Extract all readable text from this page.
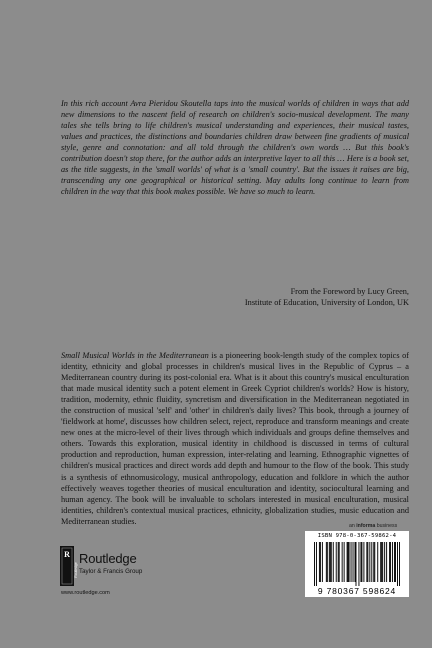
In this rich account Avra Pieridou Skoutella taps into the musical worlds of children in ways that add new dimensions to the nascent field of research on children's socio-musical development. The many tales she tells bring to life children's musical understanding and experiences, their musical tastes, values and practices, the distinctions and boundaries children draw between fine gradients of musical style, genre and connotation: and all told through the children's own words … But this book's contribution doesn't stop there, for the author adds an interpretive layer to all this … Here is a book set, as the title suggests, in the 'small worlds' of what is a 'small country'. But the issues it raises are big, transcending any one geographical or historical setting. May adults long continue to learn from children in the way that this book makes possible. We have so much to learn.
From the Foreword by Lucy Green,
Institute of Education, University of London, UK
Small Musical Worlds in the Mediterranean is a pioneering book-length study of the complex topics of identity, ethnicity and global processes in children's musical lives in the Republic of Cyprus – a Mediterranean country during its post-colonial era. What is it about this country's musical enculturation that made musical identity such a potent element in Greek Cypriot children's worlds? How is history, tradition, modernity, ethnic fluidity, syncretism and diversification in the Mediterranean negotiated in the construction of musical 'self' and 'other' in children's daily lives? This book, through a journey of 'fieldwork at home', discusses how children select, reject, reproduce and transform meanings and create new ones at the micro-level of their lives through which individuals and groups define themselves and others. Towards this exploration, musical identity in childhood is discussed in terms of cultural production and reproduction, human expression, inter-relating and learning. Ethnographic vignettes of children's musical practices and direct words add depth and humour to the flow of the book. This study is a synthesis of ethnomusicology, musical anthropology, education and folklore in which the author effectively weaves together theories of musical enculturation and identity, sociocultural learning and human agency. The book will be invaluable to scholars interested in musical enculturation, musical identities, children's contextual musical practices, ethnicity, globalization studies, music education and Mediterranean studies.
an informa business
ISBN 978-0-367-59862-4
9 780367 598624
R
Routledge
Routledge
Taylor & Francis Group
www.routledge.com
